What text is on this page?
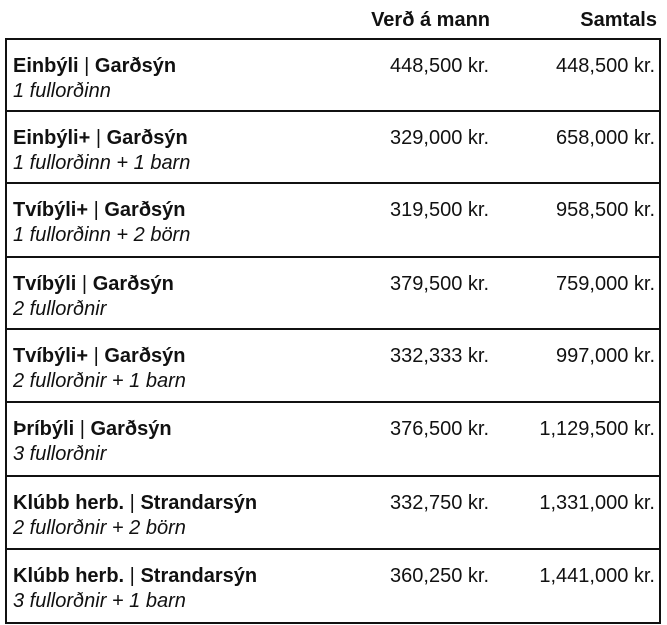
Verð á mann	Samtals
Einbýli | Garðsýn
1 fullorðinn
448,500 kr.	448,500 kr.
Einbýli+ | Garðsýn
1 fullorðinn + 1 barn
329,000 kr.	658,000 kr.
Tvíbýli+ | Garðsýn
1 fullorðinn + 2 börn
319,500 kr.	958,500 kr.
Tvíbýli | Garðsýn
2 fullorðnir
379,500 kr.	759,000 kr.
Tvíbýli+ | Garðsýn
2 fullorðnir + 1 barn
332,333 kr.	997,000 kr.
Þríbýli | Garðsýn
3 fullorðnir
376,500 kr.	1,129,500 kr.
Klúbb herb. | Strandarsýn
2 fullorðnir + 2 börn
332,750 kr.	1,331,000 kr.
Klúbb herb. | Strandarsýn
3 fullorðnir + 1 barn
360,250 kr.	1,441,000 kr.
